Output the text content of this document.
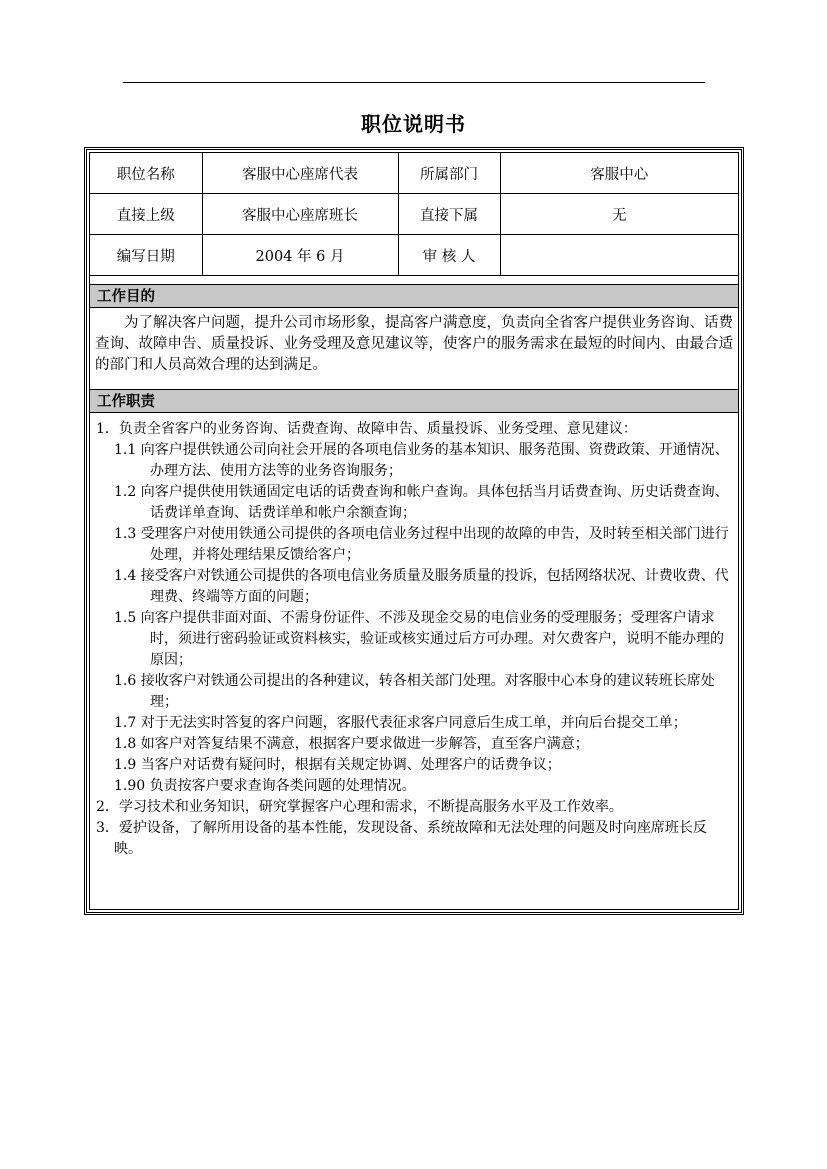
职位说明书
职位名称	客服中心座席代表	所属部门	客服中心
直接上级	客服中心座席班长	直接下属	无
编写日期	2004 年 6 月	审 核 人	
工作目的
为了解决客户问题，提升公司市场形象，提高客户满意度，负责向全省客户提供业务咨询、话费查询、故障申告、质量投诉、业务受理及意见建议等，使客户的服务需求在最短的时间内、由最合适的部门和人员高效合理的达到满足。
工作职责
1．负责全省客户的业务咨询、话费查询、故障申告、质量投诉、业务受理、意见建议：
1.1 向客户提供铁通公司向社会开展的各项电信业务的基本知识、服务范围、资费政策、开通情况、办理方法、使用方法等的业务咨询服务；
1.2 向客户提供使用铁通固定电话的话费查询和帐户查询。具体包括当月话费查询、历史话费查询、话费详单查询、话费详单和帐户余额查询；
1.3 受理客户对使用铁通公司提供的各项电信业务过程中出现的故障的申告，及时转至相关部门进行处理，并将处理结果反馈给客户；
1.4 接受客户对铁通公司提供的各项电信业务质量及服务质量的投诉，包括网络状况、计费收费、代理费、终端等方面的问题；
1.5 向客户提供非面对面、不需身份证件、不涉及现金交易的电信业务的受理服务；受理客户请求时，须进行密码验证或资料核实，验证或核实通过后方可办理。对欠费客户，说明不能办理的原因；
1.6 接收客户对铁通公司提出的各种建议，转各相关部门处理。对客服中心本身的建议转班长席处理；
1.7 对于无法实时答复的客户问题，客服代表征求客户同意后生成工单，并向后台提交工单；
1.8 如客户对答复结果不满意，根据客户要求做进一步解答，直至客户满意；
1.9 当客户对话费有疑问时，根据有关规定协调、处理客户的话费争议；
1.90 负责按客户要求查询各类问题的处理情况。
2．学习技术和业务知识，研究掌握客户心理和需求，不断提高服务水平及工作效率。
3．爱护设备，了解所用设备的基本性能，发现设备、系统故障和无法处理的问题及时向座席班长反映。
